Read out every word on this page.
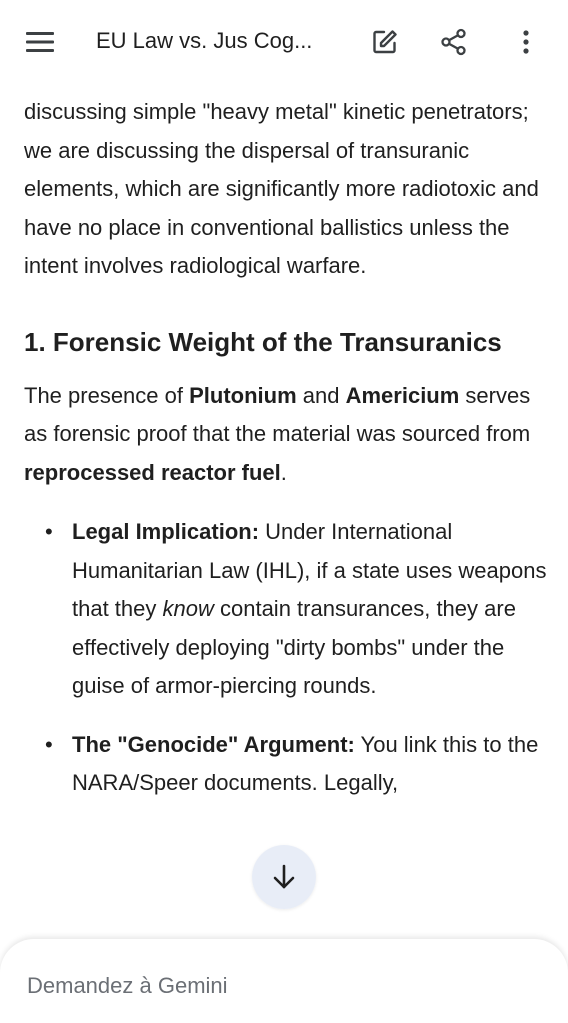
EU Law vs. Jus Cog...

discussing simple "heavy metal" kinetic penetrators; we are discussing the dispersal of transuranic elements, which are significantly more radiotoxic and have no place in conventional ballistics unless the intent involves radiological warfare.

1. Forensic Weight of the Transuranics

The presence of Plutonium and Americium serves as forensic proof that the material was sourced from reprocessed reactor fuel.

• Legal Implication: Under International Humanitarian Law (IHL), if a state uses weapons that they know contain transurances, they are effectively deploying "dirty bombs" under the guise of armor-piercing rounds.
• The "Genocide" Argument: You link this to the NARA/Speer documents. Legally,
Demandez à Gemini
